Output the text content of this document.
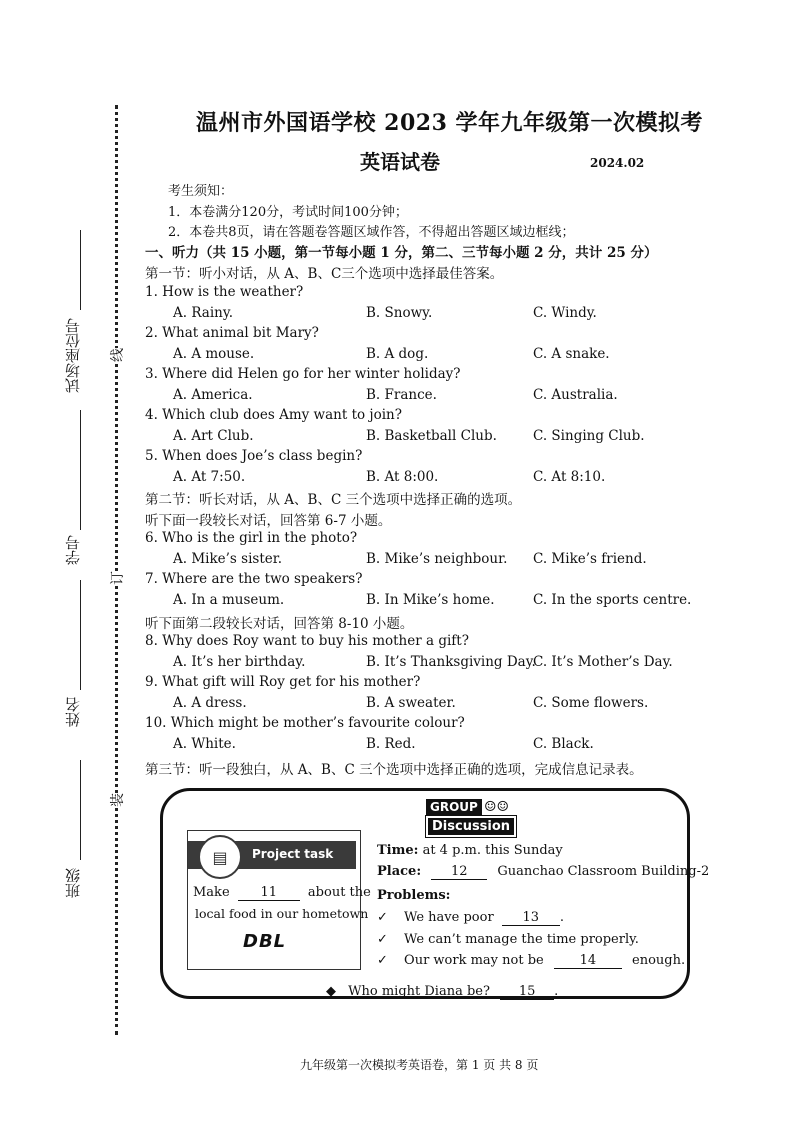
线
订
装
试场座位号
学号
姓名
班级
温州市外国语学校 2023 学年九年级第一次模拟考
英语试卷	2024.02
考生须知：
1．本卷满分120分，考试时间100分钟；
2．本卷共8页，请在答题卷答题区域作答，不得超出答题区域边框线；
一、听力（共 15 小题，第一节每小题 1 分，第二、三节每小题 2 分，共计 25 分）
第一节：听小对话，从 A、B、C三个选项中选择最佳答案。
1. How is the weather?
A. Rainy.	B. Snowy.	C. Windy.
2. What animal bit Mary?
A. A mouse.	B. A dog.	C. A snake.
3. Where did Helen go for her winter holiday?
A. America.	B. France.	C. Australia.
4. Which club does Amy want to join?
A. Art Club.	B. Basketball Club.	C. Singing Club.
5. When does Joe’s class begin?
A. At 7:50.	B. At 8:00.	C. At 8:10.
6. Who is the girl in the photo?
A. Mike’s sister.	B. Mike’s neighbour. C. Mike’s friend.
7. Where are the two speakers?
A. In a museum.	B. In Mike’s home.	C. In the sports centre.
8. Why does Roy want to buy his mother a gift?
A. It’s her birthday.	B. It’s Thanksgiving Day.
C. It’s Mother’s Day.
9. What gift will Roy get for his mother?
A. A dress.	B. A sweater.	C. Some flowers.
10. Which might be mother’s favourite colour?
A. White.	B. Red.	C. Black.
第二节：听长对话，从 A、B、C 三个选项中选择正确的选项。
听下面一段较长对话，回答第 6-7 小题。
听下面第二段较长对话，回答第 8-10 小题。
第三节：听一段独白，从 A、B、C 三个选项中选择正确的选项，完成信息记录表。
GROUP ☺☺
Discussion
▤	Project task
Make 11 about the
local food in our hometown
DBL
Time: at 4 p.m. this Sunday
Place: 12 Guanchao Classroom Building-2
Problems:
✓ We have poor 13 .
✓ We can’t manage the time properly.
✓ Our work may not be	14	enough.
◆ Who might Diana be? 15 .
九年级第一次模拟考英语卷，第 1 页 共 8 页
